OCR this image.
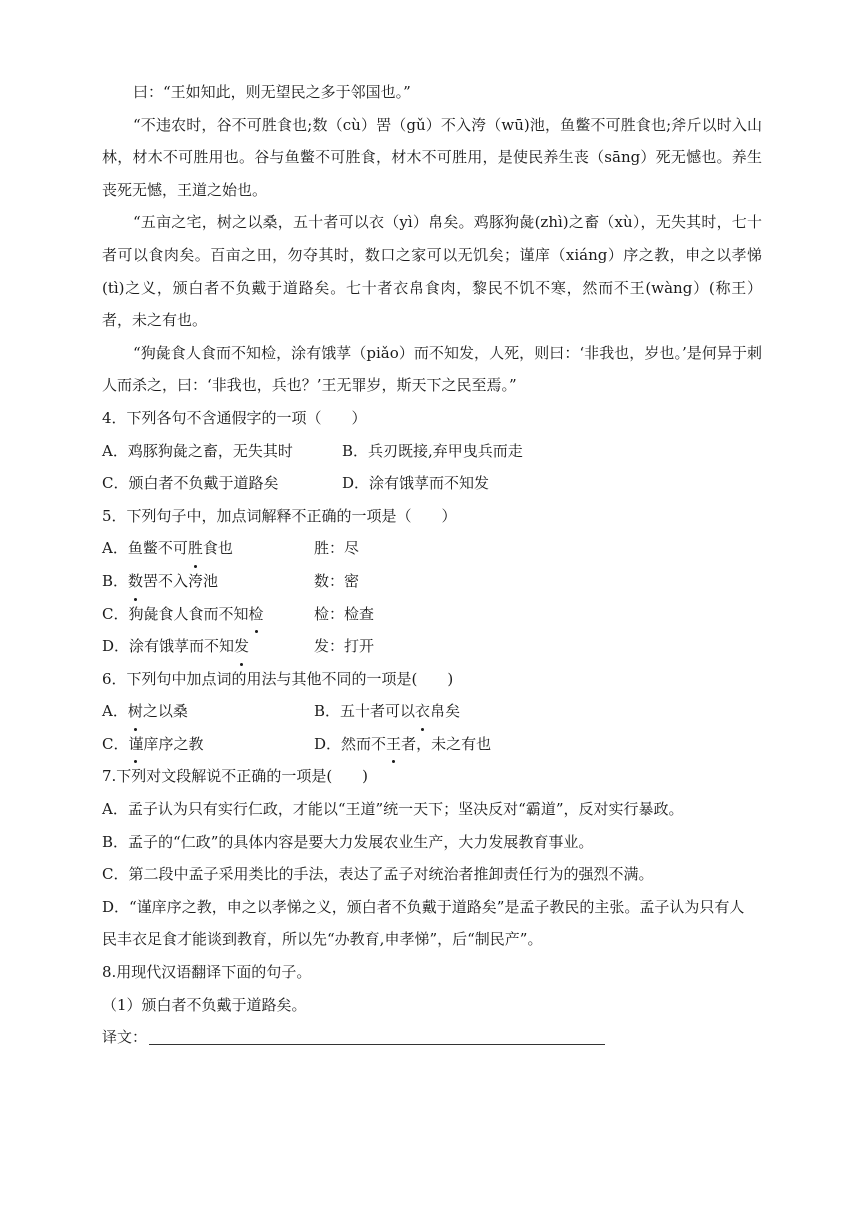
曰：“王如知此，则无望民之多于邻国也。”

“不违农时，谷不可胜食也;数（cù）罟（gǔ）不入洿（wū)池，鱼鳖不可胜食也;斧斤以时入山林，材木不可胜用也。谷与鱼鳖不可胜食，材木不可胜用，是使民养生丧（sāng）死无憾也。养生丧死无憾，王道之始也。

“五亩之宅，树之以桑，五十者可以衣（yì）帛矣。鸡豚狗彘(zhì)之畜（xù），无失其时，七十者可以食肉矣。百亩之田，勿夺其时，数口之家可以无饥矣；谨庠（xiáng）序之教，申之以孝悌(tì)之义，颁白者不负戴于道路矣。七十者衣帛食肉，黎民不饥不寒，然而不王(wàng）(称王）者，未之有也。

“狗彘食人食而不知检，涂有饿莩（piǎo）而不知发，人死，则曰：‘非我也，岁也。’是何异于刺人而杀之，曰：‘非我也，兵也？’王无罪岁，斯天下之民至焉。”

4．下列各句不含通假字的一项（　　）

A．鸡豚狗彘之畜，无失其时	B．兵刃既接,弃甲曳兵而走
C．颁白者不负戴于道路矣	D．涂有饿莩而不知发

5．下列句子中，加点词解释不正确的一项是（　　）

A．鱼鳖不可胜食也	胜：尽
B．数罟不入洿池	数：密
C．狗彘食人食而不知检	检：检查
D．涂有饿莩而不知发	发：打开

6．下列句中加点词的用法与其他不同的一项是(　　)

A．树之以桑	B．五十者可以衣帛矣
C．谨庠序之教	D．然而不王者，未之有也

7.下列对文段解说不正确的一项是(　　)

A．孟子认为只有实行仁政，才能以“王道”统一天下；坚决反对“霸道”，反对实行暴政。

B．孟子的“仁政”的具体内容是要大力发展农业生产，大力发展教育事业。

C．第二段中孟子采用类比的手法，表达了孟子对统治者推卸责任行为的强烈不满。

D．“谨庠序之教，申之以孝悌之义，颁白者不负戴于道路矣”是孟子教民的主张。孟子认为只有人

民丰衣足食才能谈到教育，所以先“办教育,申孝悌”，后“制民产”。

8.用现代汉语翻译下面的句子。

（1）颁白者不负戴于道路矣。

译文：
